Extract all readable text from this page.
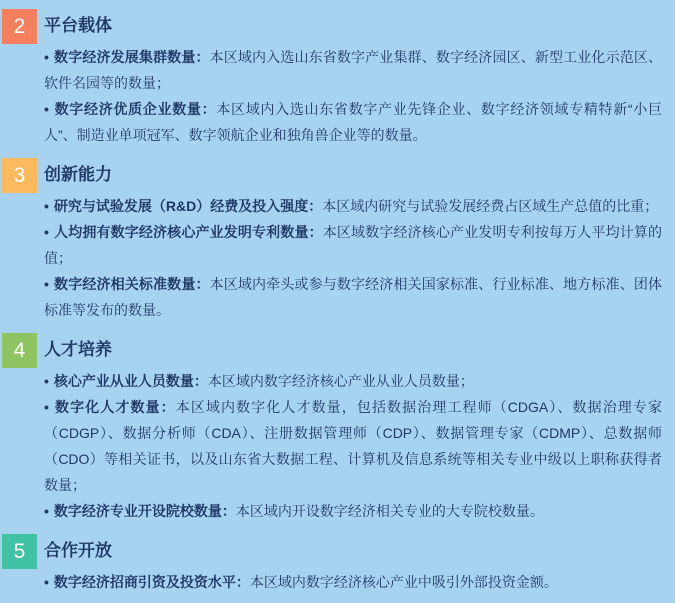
2	平台载体

• 数字经济发展集群数量：本区域内入选山东省数字产业集群、数字经济园区、新型工业化示范区、软件名园等的数量；

• 数字经济优质企业数量：本区域内入选山东省数字产业先锋企业、数字经济领域专精特新“小巨人”、制造业单项冠军、数字领航企业和独角兽企业等的数量。

3	创新能力

• 研究与试验发展（R&D）经费及投入强度：本区域内研究与试验发展经费占区域生产总值的比重；

• 人均拥有数字经济核心产业发明专利数量：本区域数字经济核心产业发明专利按每万人平均计算的值；

• 数字经济相关标准数量：本区域内牵头或参与数字经济相关国家标准、行业标准、地方标准、团体标准等发布的数量。

4	人才培养

• 核心产业从业人员数量：本区域内数字经济核心产业从业人员数量；

• 数字化人才数量：本区域内数字化人才数量，包括数据治理工程师（CDGA）、数据治理专家（CDGP）、数据分析师（CDA）、注册数据管理师（CDP）、数据管理专家（CDMP）、总数据师（CDO）等相关证书，以及山东省大数据工程、计算机及信息系统等相关专业中级以上职称获得者数量；

• 数字经济专业开设院校数量：本区域内开设数字经济相关专业的大专院校数量。

5	合作开放

• 数字经济招商引资及投资水平：本区域内数字经济核心产业中吸引外部投资金额。
